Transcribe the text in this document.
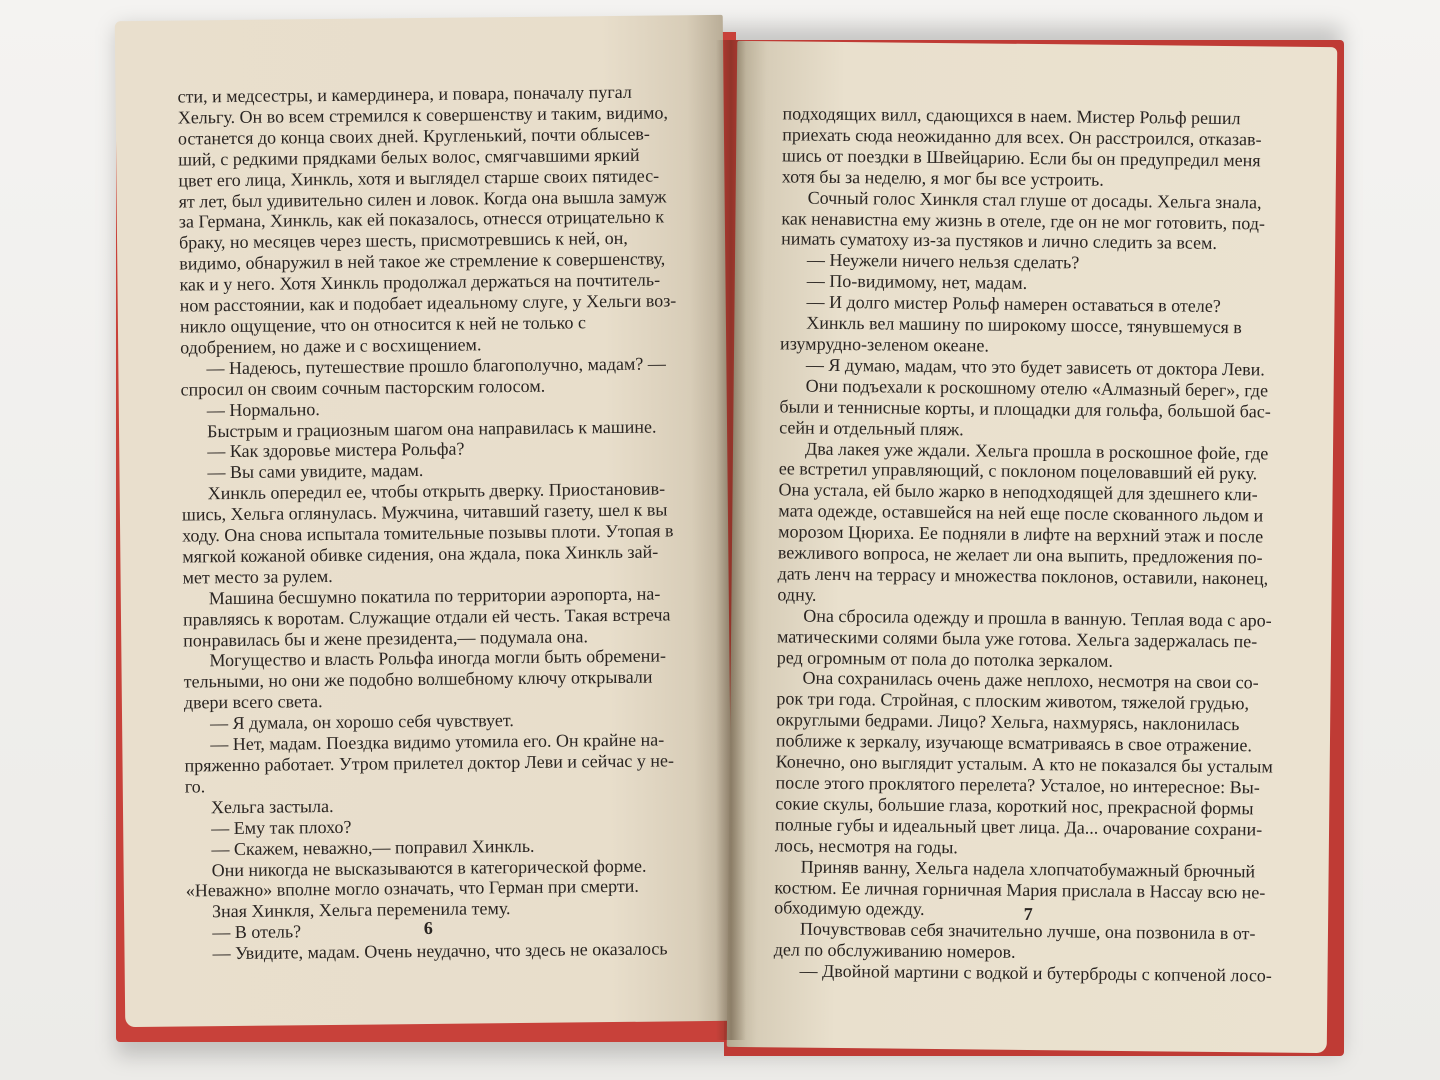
сти, и медсестры, и камердинера, и повара, поначалу пугал

Хельгу. Он во всем стремился к совершенству и таким, видимо,

останется до конца своих дней. Кругленький, почти облысев-

ший, с редкими прядками белых волос, смягчавшими яркий

цвет его лица, Хинкль, хотя и выглядел старше своих пятидес-

ят лет, был удивительно силен и ловок. Когда она вышла замуж

за Германа, Хинкль, как ей показалось, отнесся отрицательно к

браку, но месяцев через шесть, присмотревшись к ней, он,

видимо, обнаружил в ней такое же стремление к совершенству,

как и у него. Хотя Хинкль продолжал держаться на почтитель-

ном расстоянии, как и подобает идеальному слуге, у Хельги воз-

никло ощущение, что он относится к ней не только с

одобрением, но даже и с восхищением.

— Надеюсь, путешествие прошло благополучно, мадам? —

спросил он своим сочным пасторским голосом.

— Нормально.

Быстрым и грациозным шагом она направилась к машине.

— Как здоровье мистера Рольфа?

— Вы сами увидите, мадам.

Хинкль опередил ее, чтобы открыть дверку. Приостановив-

шись, Хельга оглянулась. Мужчина, читавший газету, шел к вы

ходу. Она снова испытала томительные позывы плоти. Утопая в

мягкой кожаной обивке сидения, она ждала, пока Хинкль зай-

мет место за рулем.

Машина бесшумно покатила по территории аэропорта, на-

правляясь к воротам. Служащие отдали ей честь. Такая встреча

понравилась бы и жене президента,— подумала она.

Могущество и власть Рольфа иногда могли быть обремени-

тельными, но они же подобно волшебному ключу открывали

двери всего света.

— Я думала, он хорошо себя чувствует.

— Нет, мадам. Поездка видимо утомила его. Он крайне на-

пряженно работает. Утром прилетел доктор Леви и сейчас у не-

го.

Хельга застыла.

— Ему так плохо?

— Скажем, неважно,— поправил Хинкль.

Они никогда не высказываются в категорической форме.

«Неважно» вполне могло означать, что Герман при смерти.

Зная Хинкля, Хельга переменила тему.

— В отель?

— Увидите, мадам. Очень неудачно, что здесь не оказалось

6

подходящих вилл, сдающихся в наем. Мистер Рольф решил

приехать сюда неожиданно для всех. Он расстроился, отказав-

шись от поездки в Швейцарию. Если бы он предупредил меня

хотя бы за неделю, я мог бы все устроить.

Сочный голос Хинкля стал глуше от досады. Хельга знала,

как ненавистна ему жизнь в отеле, где он не мог готовить, под-

нимать суматоху из-за пустяков и лично следить за всем.

— Неужели ничего нельзя сделать?

— По-видимому, нет, мадам.

— И долго мистер Рольф намерен оставаться в отеле?

Хинкль вел машину по широкому шоссе, тянувшемуся в

изумрудно-зеленом океане.

— Я думаю, мадам, что это будет зависеть от доктора Леви.

Они подъехали к роскошному отелю «Алмазный берег», где

были и теннисные корты, и площадки для гольфа, большой бас-

сейн и отдельный пляж.

Два лакея уже ждали. Хельга прошла в роскошное фойе, где

ее встретил управляющий, с поклоном поцеловавший ей руку.

Она устала, ей было жарко в неподходящей для здешнего кли-

мата одежде, оставшейся на ней еще после скованного льдом и

морозом Цюриха. Ее подняли в лифте на верхний этаж и после

вежливого вопроса, не желает ли она выпить, предложения по-

дать ленч на террасу и множества поклонов, оставили, наконец,

одну.

Она сбросила одежду и прошла в ванную. Теплая вода с аро-

матическими солями была уже готова. Хельга задержалась пе-

ред огромным от пола до потолка зеркалом.

Она сохранилась очень даже неплохо, несмотря на свои со-

рок три года. Стройная, с плоским животом, тяжелой грудью,

округлыми бедрами. Лицо? Хельга, нахмурясь, наклонилась

поближе к зеркалу, изучающе всматриваясь в свое отражение.

Конечно, оно выглядит усталым. А кто не показался бы усталым

после этого проклятого перелета? Усталое, но интересное: Вы-

сокие скулы, большие глаза, короткий нос, прекрасной формы

полные губы и идеальный цвет лица. Да... очарование сохрани-

лось, несмотря на годы.

Приняв ванну, Хельга надела хлопчатобумажный брючный

костюм. Ее личная горничная Мария прислала в Нассау всю не-

обходимую одежду.

Почувствовав себя значительно лучше, она позвонила в от-

дел по обслуживанию номеров.

— Двойной мартини с водкой и бутерброды с копченой лосо-

7
